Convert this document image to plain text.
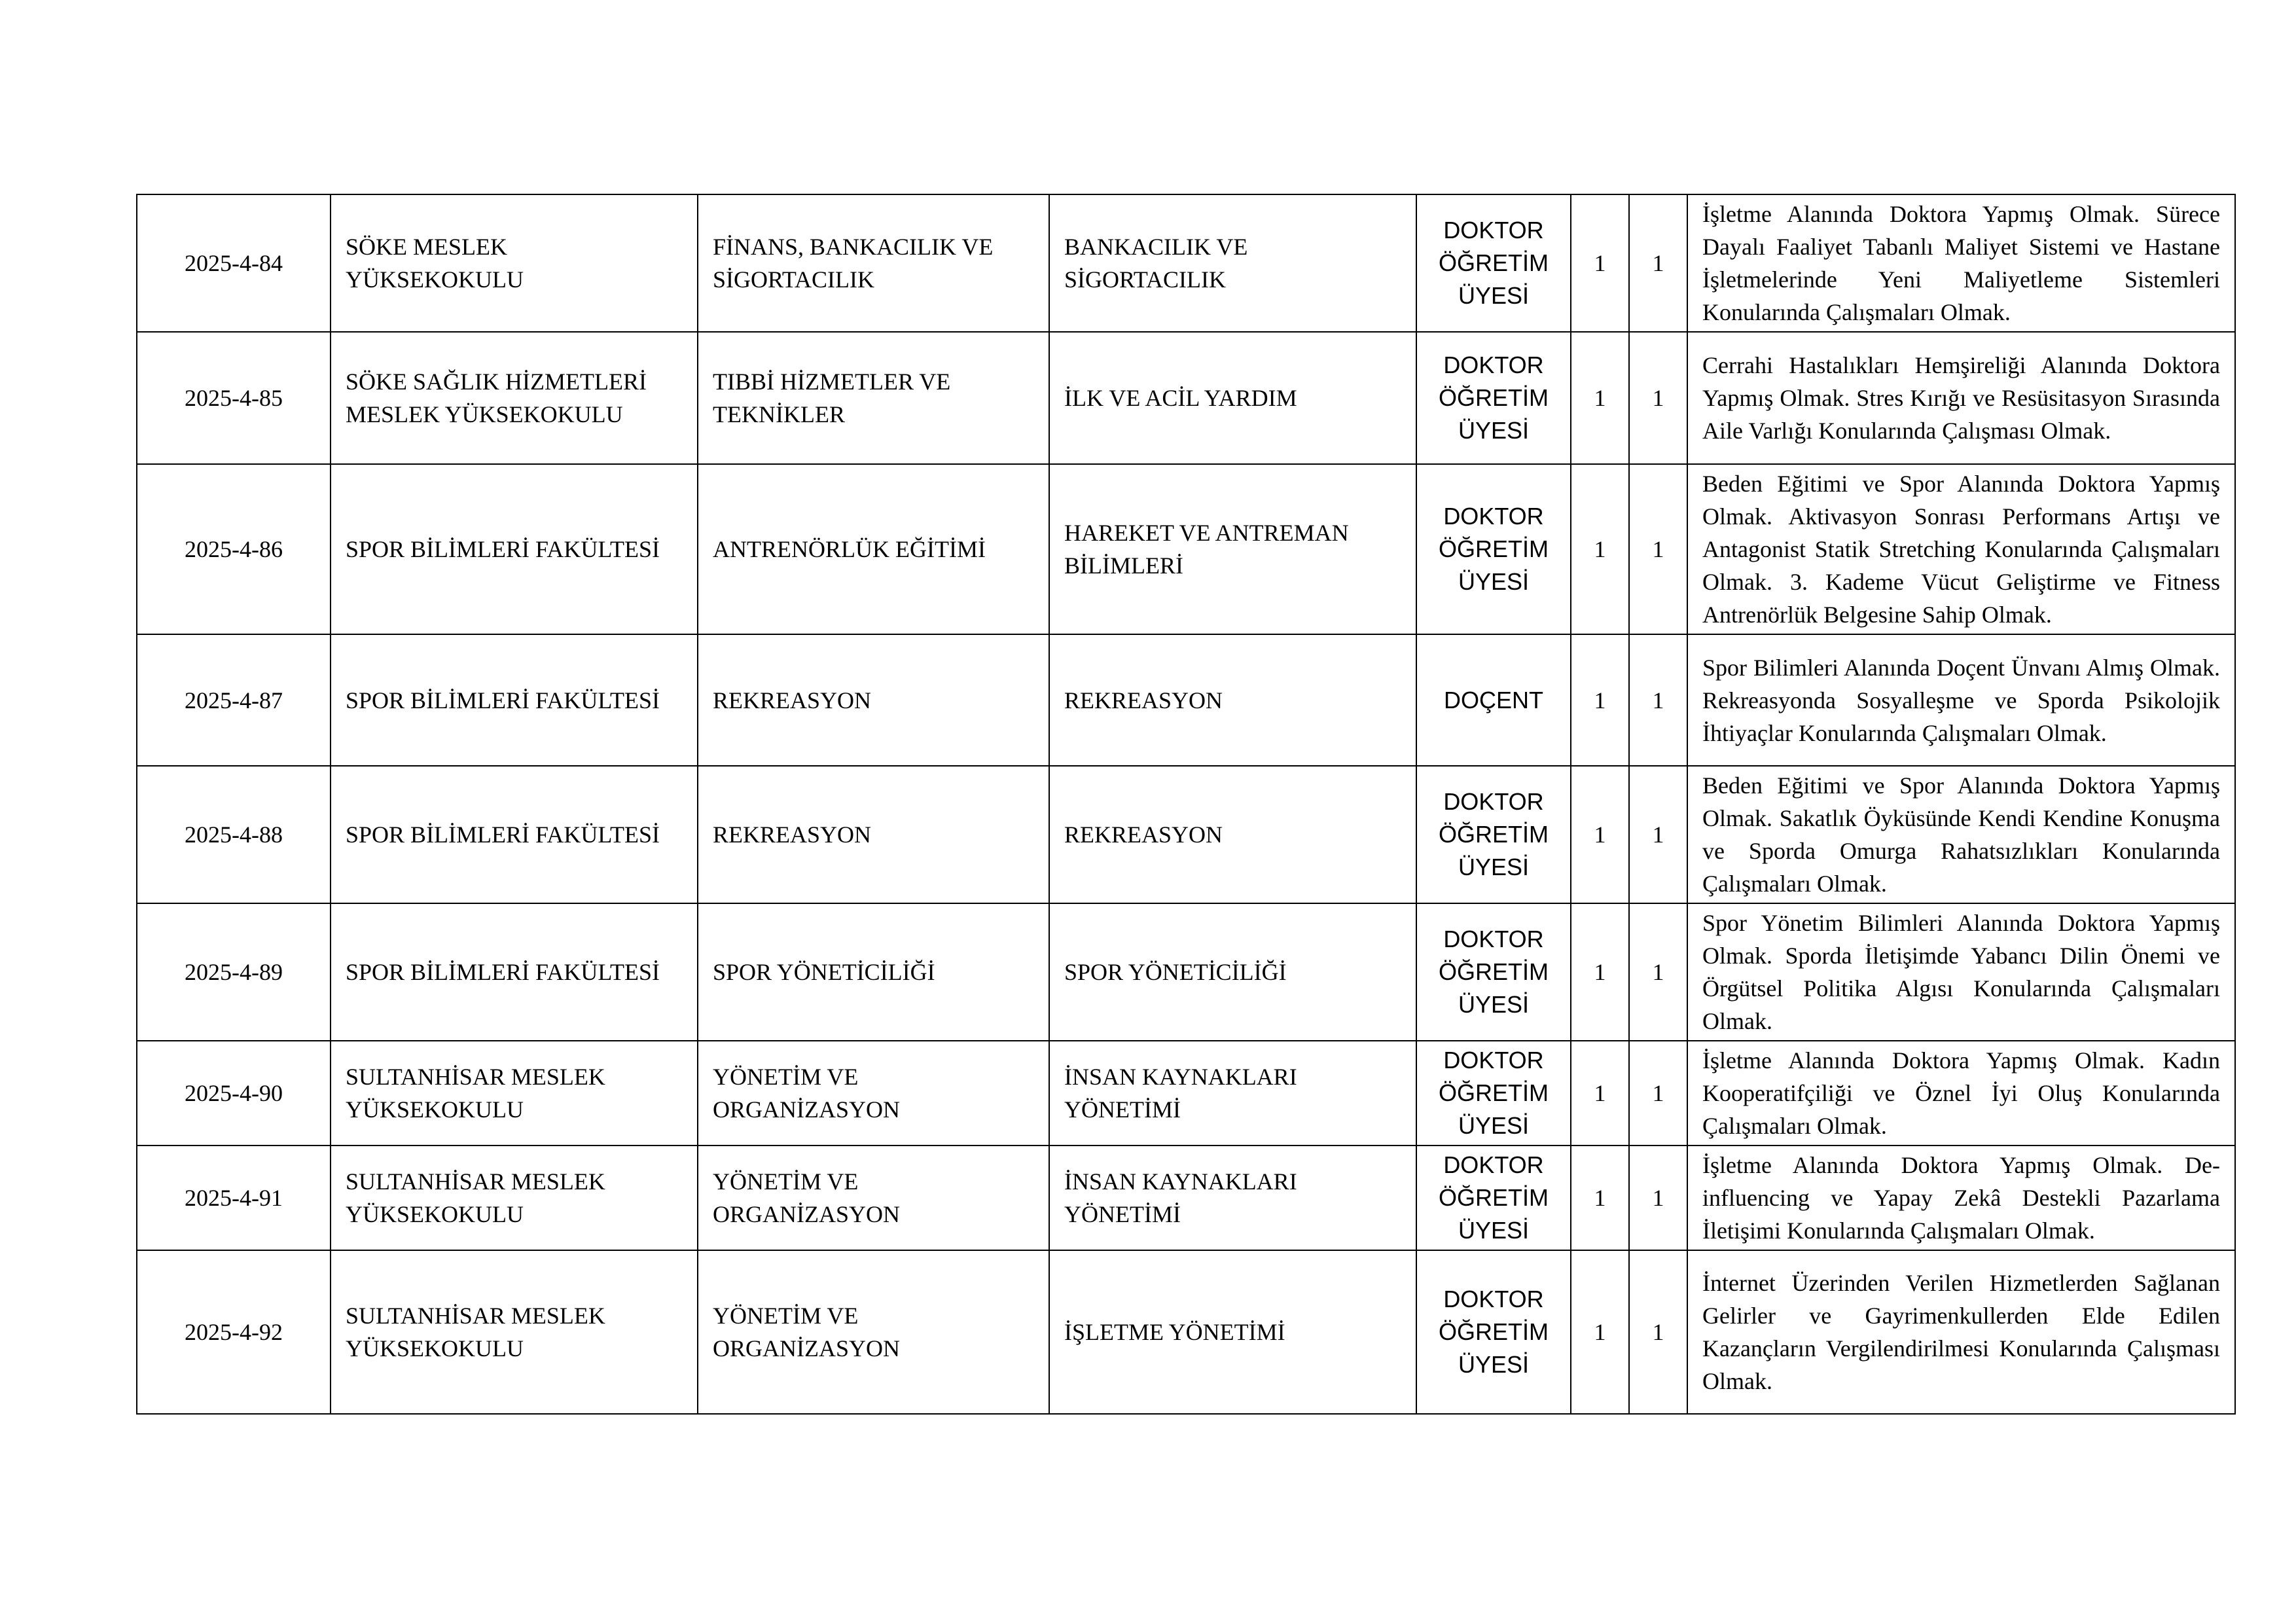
2025-4-84	SÖKE MESLEK YÜKSEKOKULU	FİNANS, BANKACILIK VE SİGORTACILIK	BANKACILIK VE SİGORTACILIK	DOKTOR ÖĞRETİM ÜYESİ	1	1	İşletme Alanında Doktora Yapmış Olmak. Sürece Dayalı Faaliyet Tabanlı Maliyet Sistemi ve Hastane İşletmelerinde Yeni Maliyetleme Sistemleri Konularında Çalışmaları Olmak.

2025-4-85	SÖKE SAĞLIK HİZMETLERİ MESLEK YÜKSEKOKULU	TIBBİ HİZMETLER VE TEKNİKLER	İLK VE ACİL YARDIM	DOKTOR ÖĞRETİM ÜYESİ	1	1	Cerrahi Hastalıkları Hemşireliği Alanında Doktora Yapmış Olmak. Stres Kırığı ve Resüsitasyon Sırasında Aile Varlığı Konularında Çalışması Olmak.

2025-4-86	SPOR BİLİMLERİ FAKÜLTESİ	ANTRENÖRLÜK EĞİTİMİ	HAREKET VE ANTREMAN BİLİMLERİ	DOKTOR ÖĞRETİM ÜYESİ	1	1	Beden Eğitimi ve Spor Alanında Doktora Yapmış Olmak. Aktivasyon Sonrası Performans Artışı ve Antagonist Statik Stretching Konularında Çalışmaları Olmak. 3. Kademe Vücut Geliştirme ve Fitness Antrenörlük Belgesine Sahip Olmak.

2025-4-87	SPOR BİLİMLERİ FAKÜLTESİ	REKREASYON	REKREASYON	DOÇENT	1	1	Spor Bilimleri Alanında Doçent Ünvanı Almış Olmak. Rekreasyonda Sosyalleşme ve Sporda Psikolojik İhtiyaçlar Konularında Çalışmaları Olmak.

2025-4-88	SPOR BİLİMLERİ FAKÜLTESİ	REKREASYON	REKREASYON	DOKTOR ÖĞRETİM ÜYESİ	1	1	Beden Eğitimi ve Spor Alanında Doktora Yapmış Olmak. Sakatlık Öyküsünde Kendi Kendine Konuşma ve Sporda Omurga Rahatsızlıkları Konularında Çalışmaları Olmak.

2025-4-89	SPOR BİLİMLERİ FAKÜLTESİ	SPOR YÖNETİCİLİĞİ	SPOR YÖNETİCİLİĞİ	DOKTOR ÖĞRETİM ÜYESİ	1	1	Spor Yönetim Bilimleri Alanında Doktora Yapmış Olmak. Sporda İletişimde Yabancı Dilin Önemi ve Örgütsel Politika Algısı Konularında Çalışmaları Olmak.

2025-4-90	SULTANHİSAR MESLEK YÜKSEKOKULU	YÖNETİM VE ORGANİZASYON	İNSAN KAYNAKLARI YÖNETİMİ	DOKTOR ÖĞRETİM ÜYESİ	1	1	İşletme Alanında Doktora Yapmış Olmak. Kadın Kooperatifçiliği ve Öznel İyi Oluş Konularında Çalışmaları Olmak.

2025-4-91	SULTANHİSAR MESLEK YÜKSEKOKULU	YÖNETİM VE ORGANİZASYON	İNSAN KAYNAKLARI YÖNETİMİ	DOKTOR ÖĞRETİM ÜYESİ	1	1	İşletme Alanında Doktora Yapmış Olmak. De-influencing ve Yapay Zekâ Destekli Pazarlama İletişimi Konularında Çalışmaları Olmak.

2025-4-92	SULTANHİSAR MESLEK YÜKSEKOKULU	YÖNETİM VE ORGANİZASYON	İŞLETME YÖNETİMİ	DOKTOR ÖĞRETİM ÜYESİ	1	1	İnternet Üzerinden Verilen Hizmetlerden Sağlanan Gelirler ve Gayrimenkullerden Elde Edilen Kazançların Vergilendirilmesi Konularında Çalışması Olmak.
